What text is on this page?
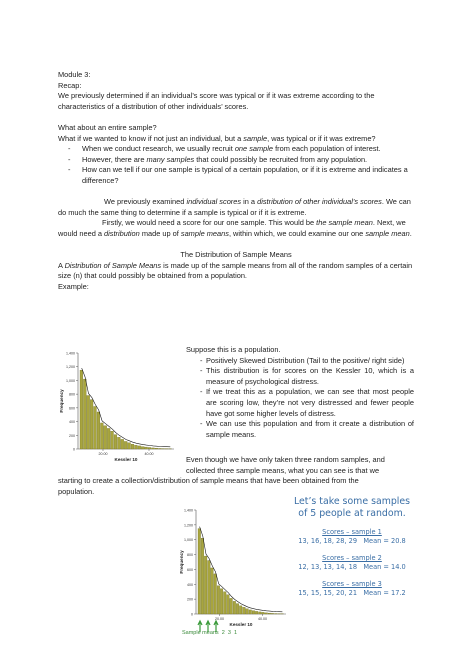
Module 3:

Recap:

We previously determined if an individual’s score was typical or if it was extreme according to the characteristics of a distribution of other individuals’ scores.

What about an entire sample?

What if we wanted to know if not just an individual, but a sample, was typical or if it was extreme?

- When we conduct research, we usually recruit one sample from each population of interest.

- However, there are many samples that could possibly be recruited from any population.

- How can we tell if our one sample is typical of a certain population, or if it is extreme and indicates a difference?

We previously examined individual scores in a distribution of other individual’s scores. We can do much the same thing to determine if a sample is typical or if it is extreme.

Firstly, we would need a score for our one sample. This would be the sample mean. Next, we would need a distribution made up of sample means, within which, we could examine our one sample mean.

The Distribution of Sample Means

A Distribution of Sample Means is made up of the sample means from all of the random samples of a certain size (n) that could possibly be obtained from a population.

Example:

1,400
1,200
1,000
800
600
400
200
0
20.00	40.00
Kessler 10
Frequency

Suppose this is a population.

- Positively Skewed Distribution (Tail to the positive/ right side)

- This distribution is for scores on the Kessler 10, which is a measure of psychological distress.

- If we treat this as a population, we can see that most people are scoring low, they’re not very distressed and fewer people have got some higher levels of distress.

- We can use this population and from it create a distribution of sample means.

Even though we have only taken three random samples, and

collected three sample means, what you can see is that we

starting to create a collection/distribution of sample means that have been obtained from the

population.

1,400
1,200
1,000
800
600
400
200
0
20.00	40.00
Kessler 10
Frequency
Sample means 2 3 1

Let’s take some samples of 5 people at random.

Scores – sample 1

13, 16, 18, 28, 29 Mean = 20.8

Scores – sample 2

12, 13, 13, 14, 18 Mean = 14.0

Scores – sample 3

15, 15, 15, 20, 21 Mean = 17.2
